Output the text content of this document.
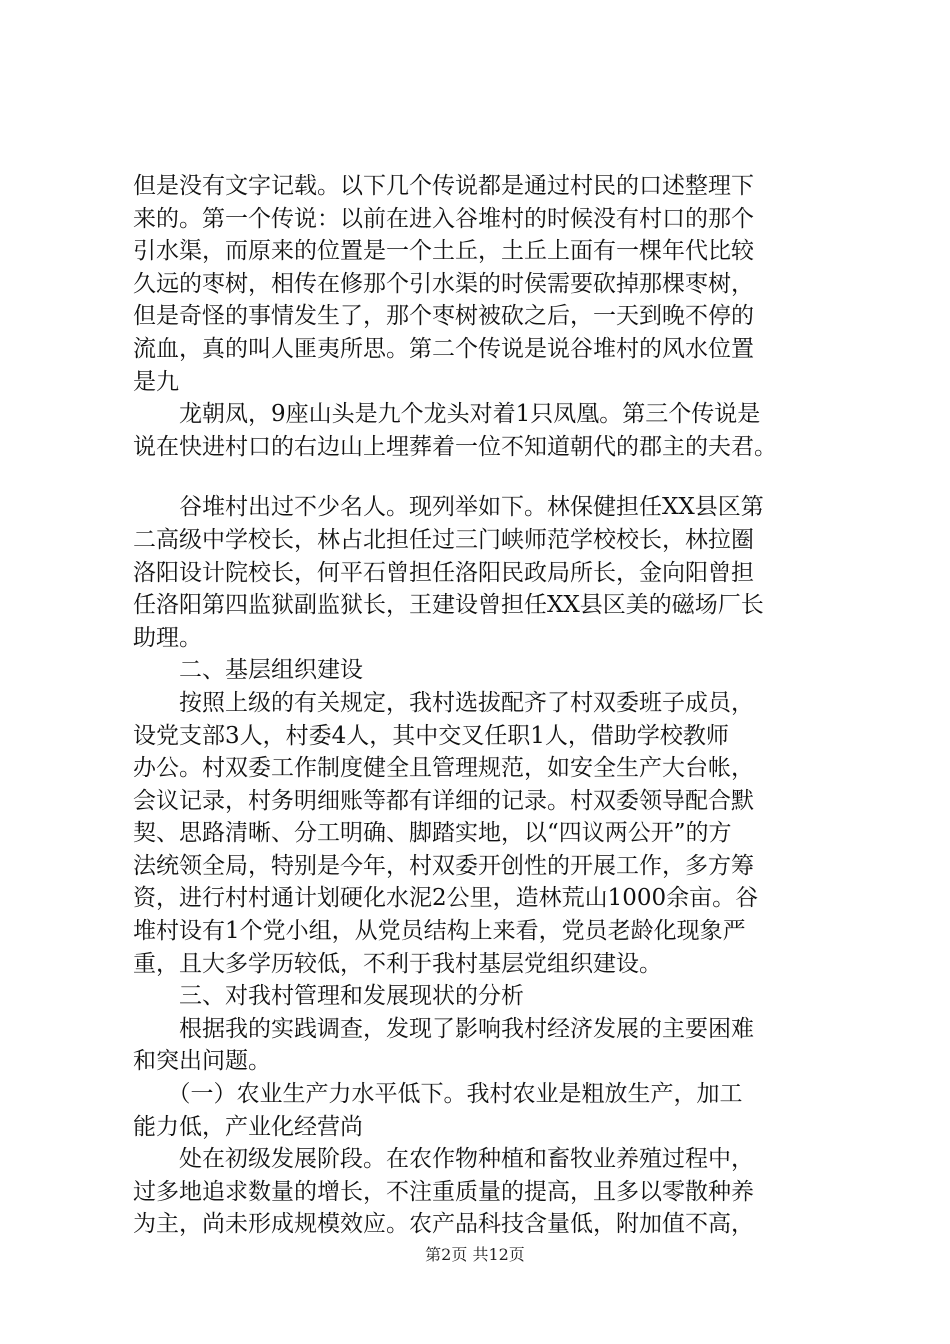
但是没有文字记载。以下几个传说都是通过村民的口述整理下
来的。第一个传说：以前在进入谷堆村的时候没有村口的那个
引水渠，而原来的位置是一个土丘，土丘上面有一棵年代比较
久远的枣树，相传在修那个引水渠的时侯需要砍掉那棵枣树，
但是奇怪的事情发生了，那个枣树被砍之后，一天到晚不停的
流血，真的叫人匪夷所思。第二个传说是说谷堆村的风水位置
是九
　　龙朝凤，9座山头是九个龙头对着1只凤凰。第三个传说是
说在快进村口的右边山上埋葬着一位不知道朝代的郡主的夫君。
　　谷堆村出过不少名人。现列举如下。林保健担任XX县区第
二高级中学校长，林占北担任过三门峡师范学校校长，林拉圈
洛阳设计院校长，何平石曾担任洛阳民政局所长，金向阳曾担
任洛阳第四监狱副监狱长，王建设曾担任XX县区美的磁场厂长
助理。
　　二、基层组织建设
　　按照上级的有关规定，我村选拔配齐了村双委班子成员，
设党支部3人，村委4人，其中交叉任职1人，借助学校教师
办公。村双委工作制度健全且管理规范，如安全生产大台帐，
会议记录，村务明细账等都有详细的记录。村双委领导配合默
契、思路清晰、分工明确、脚踏实地，以“四议两公开”的方
法统领全局，特别是今年，村双委开创性的开展工作，多方筹
资，进行村村通计划硬化水泥2公里，造林荒山1000余亩。谷
堆村设有1个党小组，从党员结构上来看，党员老龄化现象严
重，且大多学历较低，不利于我村基层党组织建设。
　　三、对我村管理和发展现状的分析
　　根据我的实践调查，发现了影响我村经济发展的主要困难
和突出问题。
　　（一）农业生产力水平低下。我村农业是粗放生产，加工
能力低，产业化经营尚
　　处在初级发展阶段。在农作物种植和畜牧业养殖过程中，
过多地追求数量的增长，不注重质量的提高，且多以零散种养
为主，尚未形成规模效应。农产品科技含量低，附加值不高，
第2页 共12页
